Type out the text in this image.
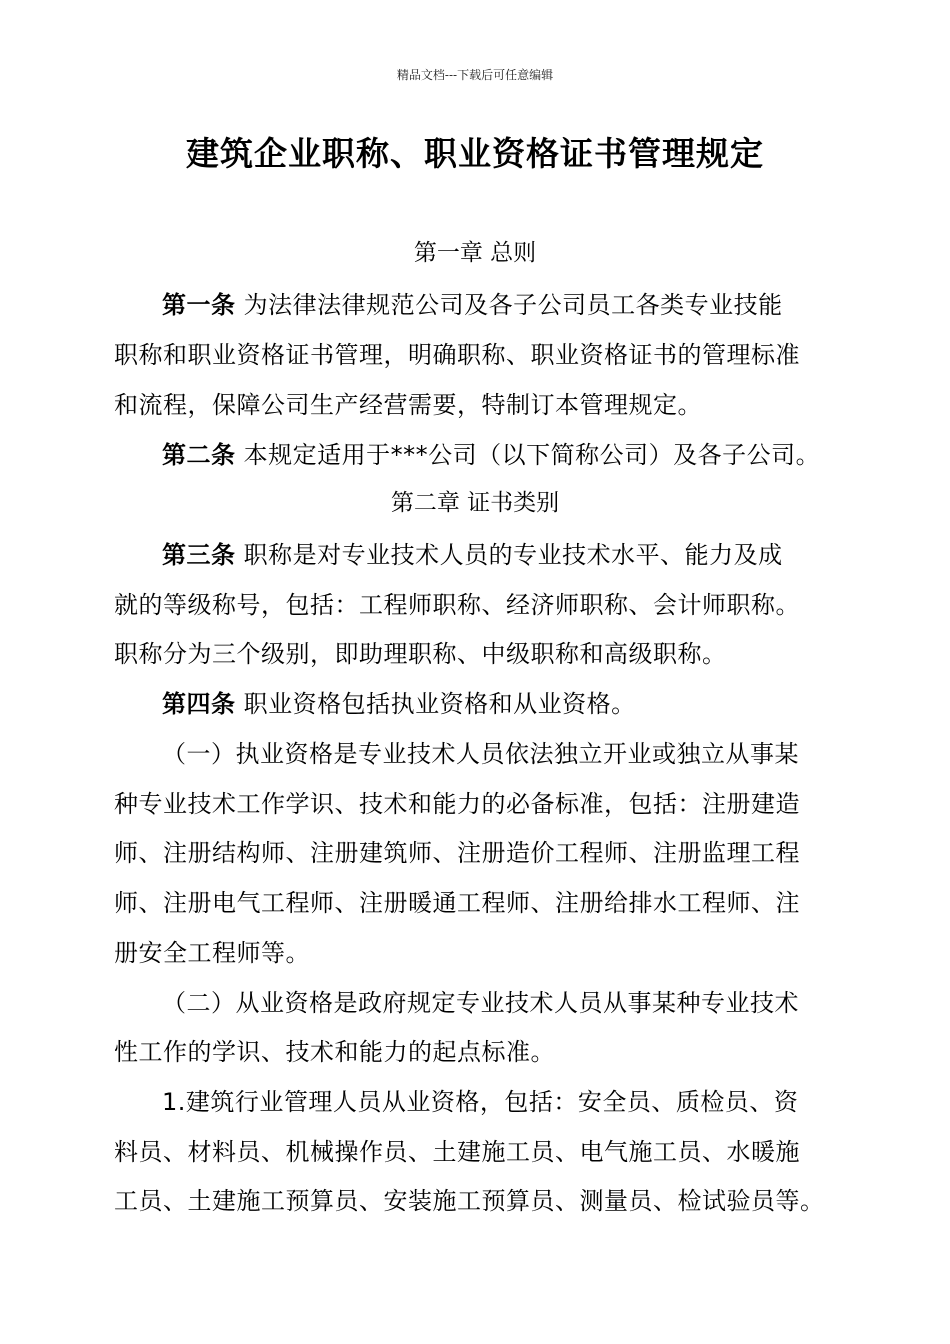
精品文档---下载后可任意编辑
建筑企业职称、职业资格证书管理规定
第一章 总则
第一条 为法律法律规范公司及各子公司员工各类专业技能
职称和职业资格证书管理，明确职称、职业资格证书的管理标准
和流程，保障公司生产经营需要，特制订本管理规定。
第二条 本规定适用于***公司（以下简称公司）及各子公司。
第二章 证书类别
第三条 职称是对专业技术人员的专业技术水平、能力及成
就的等级称号，包括：工程师职称、经济师职称、会计师职称。
职称分为三个级别，即助理职称、中级职称和高级职称。
第四条 职业资格包括执业资格和从业资格。
（一）执业资格是专业技术人员依法独立开业或独立从事某
种专业技术工作学识、技术和能力的必备标准，包括：注册建造
师、注册结构师、注册建筑师、注册造价工程师、注册监理工程
师、注册电气工程师、注册暖通工程师、注册给排水工程师、注
册安全工程师等。
（二）从业资格是政府规定专业技术人员从事某种专业技术
性工作的学识、技术和能力的起点标准。
1.建筑行业管理人员从业资格，包括：安全员、质检员、资
料员、材料员、机械操作员、土建施工员、电气施工员、水暖施
工员、土建施工预算员、安装施工预算员、测量员、检试验员等。
